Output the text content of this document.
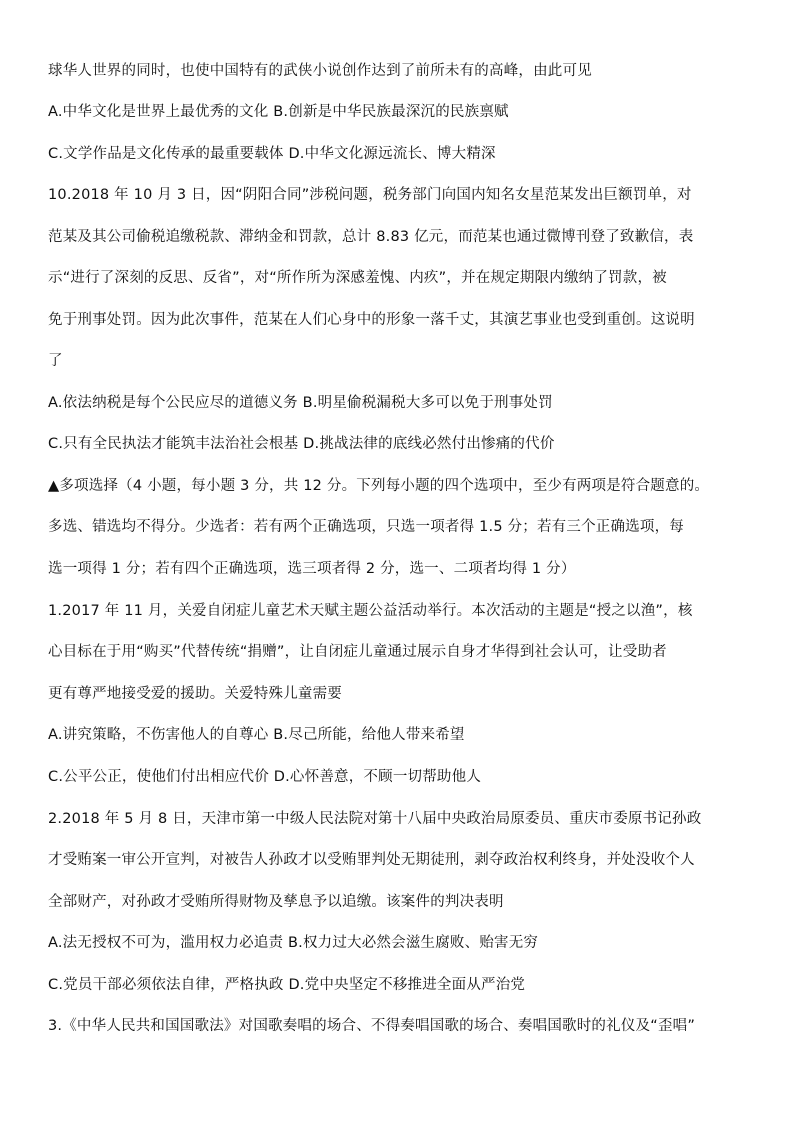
球华人世界的同时，也使中国特有的武侠小说创作达到了前所未有的高峰，由此可见
A.中华文化是世界上最优秀的文化 B.创新是中华民族最深沉的民族禀赋
C.文学作品是文化传承的最重要载体 D.中华文化源远流长、博大精深
10.2018 年 10 月 3 日，因“阴阳合同”涉税问题，税务部门向国内知名女星范某发出巨额罚单，对
范某及其公司偷税追缴税款、滞纳金和罚款，总计 8.83 亿元，而范某也通过微博刊登了致歉信，表
示“进行了深刻的反思、反省”，对“所作所为深感羞愧、内疚”，并在规定期限内缴纳了罚款，被
免于刑事处罚。因为此次事件，范某在人们心身中的形象一落千丈，其演艺事业也受到重创。这说明
了
A.依法纳税是每个公民应尽的道德义务 B.明星偷税漏税大多可以免于刑事处罚
C.只有全民执法才能筑丰法治社会根基 D.挑战法律的底线必然付出惨痛的代价
▲多项选择（4 小题，每小题 3 分，共 12 分。下列每小题的四个选项中，至少有两项是符合题意的。
多选、错选均不得分。少选者：若有两个正确选项，只选一项者得 1.5 分；若有三个正确选项，每
选一项得 1 分；若有四个正确选项，选三项者得 2 分，选一、二项者均得 1 分）
1.2017 年 11 月，关爱自闭症儿童艺术天赋主题公益活动举行。本次活动的主题是“授之以渔”，核
心目标在于用“购买”代替传统“捐赠”，让自闭症儿童通过展示自身才华得到社会认可，让受助者
更有尊严地接受爱的援助。关爱特殊儿童需要
A.讲究策略，不伤害他人的自尊心 B.尽己所能，给他人带来希望
C.公平公正，使他们付出相应代价 D.心怀善意，不顾一切帮助他人
2.2018 年 5 月 8 日，天津市第一中级人民法院对第十八届中央政治局原委员、重庆市委原书记孙政
才受贿案一审公开宣判，对被告人孙政才以受贿罪判处无期徒刑，剥夺政治权利终身，并处没收个人
全部财产，对孙政才受贿所得财物及孳息予以追缴。该案件的判决表明
A.法无授权不可为，滥用权力必追责 B.权力过大必然会滋生腐败、贻害无穷
C.党员干部必须依法自律，严格执政 D.党中央坚定不移推进全面从严治党
3.《中华人民共和国国歌法》对国歌奏唱的场合、不得奏唱国歌的场合、奏唱国歌时的礼仪及“歪唱”
